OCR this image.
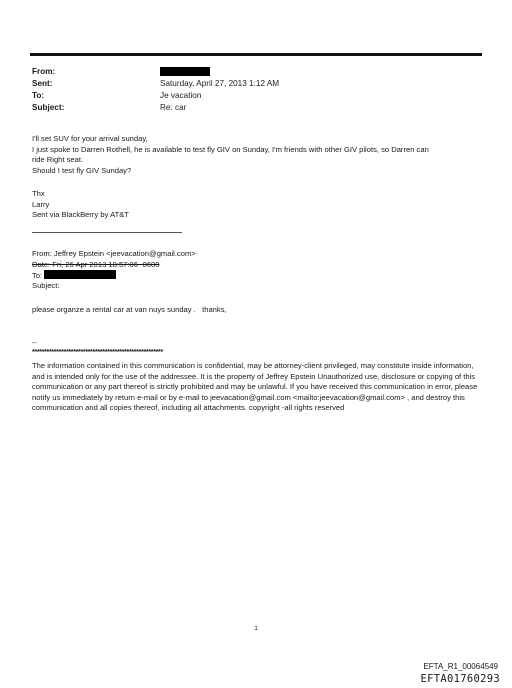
From:
Sent:	Saturday, April 27, 2013 1:12 AM
To:	Je vacation
Subject:	Re: car

I'll set SUV for your arrival sunday,

I just spoke to Darren Rothell, he is available to test fly GIV on Sunday, I'm friends with other GIV pilots, so Darren can

ride Right seat.

Should I test fly GIV Sunday?

Thx

Larry

Sent via BlackBerry by AT&T

From: Jeffrey Epstein <jeevacation@gmail.com>
Date: Fri, 26 Apr 2013 18:57:06 -0600
To:
Subject:
please organze a rental car at van nuys sunday .   thanks,
--
******************************************************
The information contained in this communication is confidential, may be attorney-client privileged, may constitute inside information, and is intended only for the use of the addressee. It is the property of Jeffrey Epstein Unauthorized use, disclosure or copying of this communication or any part thereof is strictly prohibited and may be unlawful. If you have received this communication in error, please notify us immediately by return e-mail or by e-mail to jeevacation@gmail.com <mailto:jeevacation@gmail.com> , and destroy this communication and all copies thereof, including all attachments. copyright -all rights reserved
1
EFTA_R1_00064549
EFTA01760293
